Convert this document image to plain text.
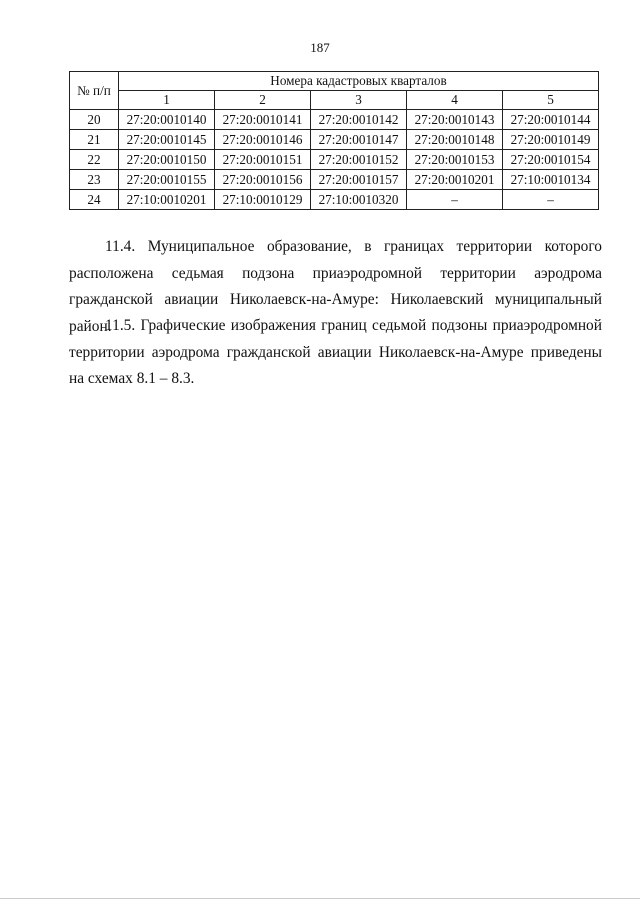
187
№ п/п	Номера кадастровых кварталов				
	1	2	3	4	5
20	27:20:0010140	27:20:0010141	27:20:0010142	27:20:0010143	27:20:0010144
21	27:20:0010145	27:20:0010146	27:20:0010147	27:20:0010148	27:20:0010149
22	27:20:0010150	27:20:0010151	27:20:0010152	27:20:0010153	27:20:0010154
23	27:20:0010155	27:20:0010156	27:20:0010157	27:20:0010201	27:10:0010134
24	27:10:0010201	27:10:0010129	27:10:0010320	–	–

11.4. Муниципальное образование, в границах территории которого расположена седьмая подзона приаэродромной территории аэродрома гражданской авиации Николаевск-на-Амуре: Николаевский муниципальный район.

11.5. Графические изображения границ седьмой подзоны приаэродромной территории аэродрома гражданской авиации Николаевск-на-Амуре приведены на схемах 8.1 – 8.3.
